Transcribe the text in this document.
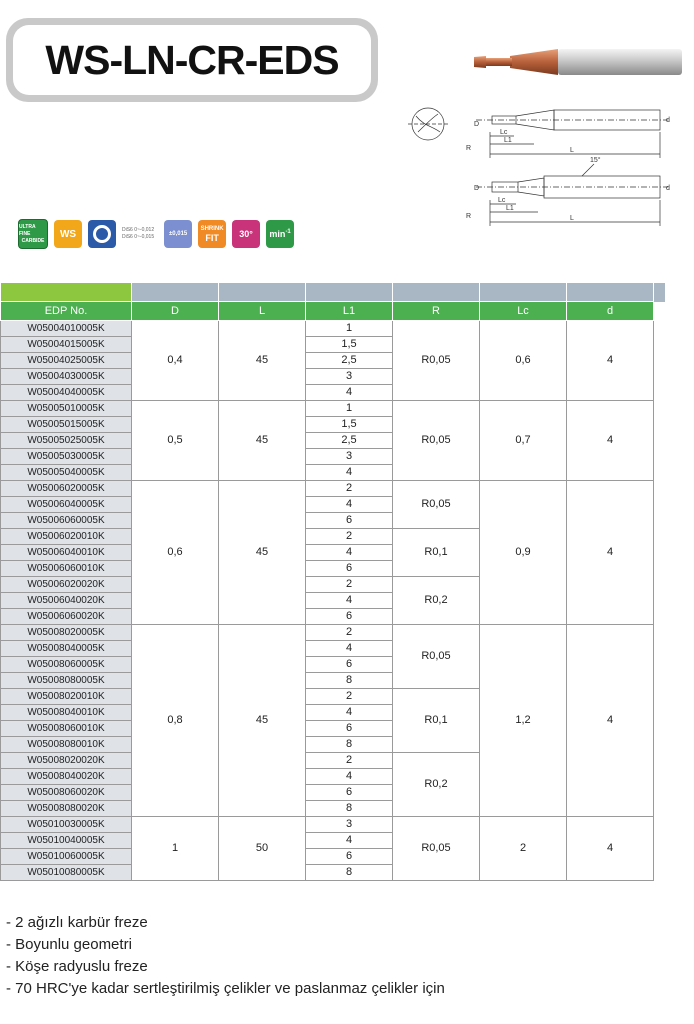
WS-LN-CR-EDS
D
R
Lc
L1
L
d
D
R
Lc
L1
L
d
15°
ULTRA FINE
CARBIDE
WS	DiS6 0~-0,012
DiS6 0~-0,015 ±0,015
SHRINK
FIT 30° $\min^{-1}$

EDP No.	D	L	L1	R	Lc	d	
W05004010005K	0,4	45	1	R0,05	0,6	4	
W05004015005K			1,5				
W05004025005K			2,5				
W05004030005K			3				
W05004040005K			4				
W05005010005K	0,5	45	1	R0,05	0,7	4	
W05005015005K			1,5				
W05005025005K			2,5				
W05005030005K			3				
W05005040005K			4				
W05006020005K	0,6	45	2	R0,05	0,9	4	
W05006040005K			4				
W05006060005K			6				
W05006020010K			2	R0,1			
W05006040010K			4				
W05006060010K			6				
W05006020020K			2	R0,2			
W05006040020K			4				
W05006060020K			6				
W05008020005K	0,8	45	2	R0,05	1,2	4	
W05008040005K			4				
W05008060005K			6				
W05008080005K			8				
W05008020010K			2	R0,1			
W05008040010K			4				
W05008060010K			6				
W05008080010K			8				
W05008020020K			2	R0,2			
W05008040020K			4				
W05008060020K			6				
W05008080020K			8				
W05010030005K	1	50	3	R0,05	2	4	
W05010040005K			4				
W05010060005K			6				
W05010080005K			8				
- 2 ağızlı karbür freze
- Boyunlu geometri
- Köşe radyuslu freze
- 70 HRC'ye kadar sertleştirilmiş çelikler ve paslanmaz çelikler için
